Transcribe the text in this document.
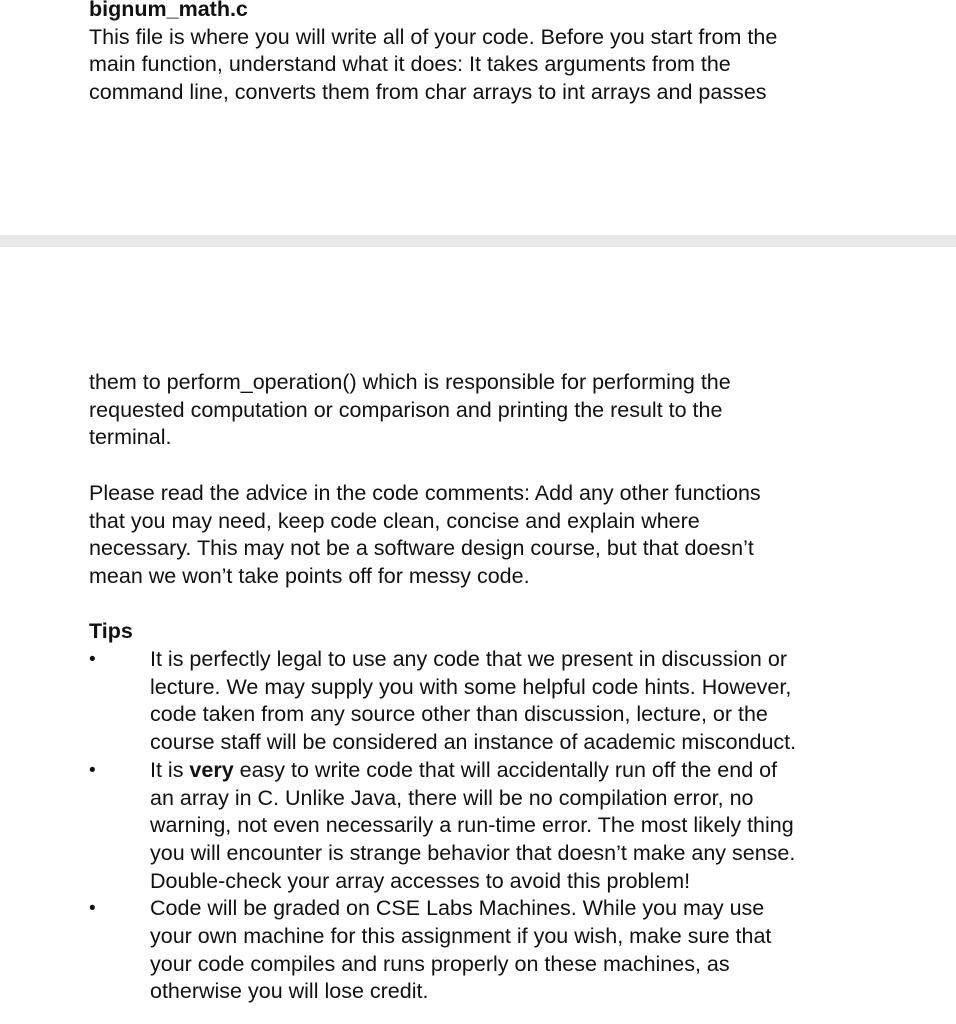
bignum_math.c
This file is where you will write all of your code. Before you start from the
main function, understand what it does: It takes arguments from the
command line, converts them from char arrays to int arrays and passes
them to perform_operation() which is responsible for performing the
requested computation or comparison and printing the result to the
terminal.
Please read the advice in the code comments: Add any other functions
that you may need, keep code clean, concise and explain where
necessary. This may not be a software design course, but that doesn’t
mean we won’t take points off for messy code.
Tips
•	It is perfectly legal to use any code that we present in discussion or
lecture. We may supply you with some helpful code hints. However,
code taken from any source other than discussion, lecture, or the
course staff will be considered an instance of academic misconduct.
•	It is very easy to write code that will accidentally run off the end of
an array in C. Unlike Java, there will be no compilation error, no
warning, not even necessarily a run-time error. The most likely thing
you will encounter is strange behavior that doesn’t make any sense.
Double-check your array accesses to avoid this problem!
•	Code will be graded on CSE Labs Machines. While you may use
your own machine for this assignment if you wish, make sure that
your code compiles and runs properly on these machines, as
otherwise you will lose credit.
